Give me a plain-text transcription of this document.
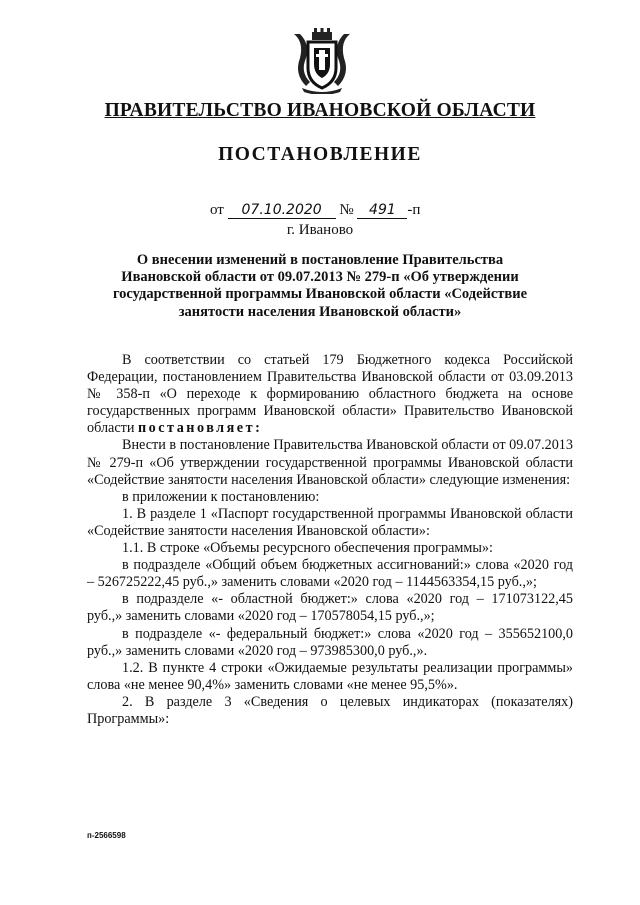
ПРАВИТЕЛЬСТВО ИВАНОВСКОЙ ОБЛАСТИ
ПОСТАНОВЛЕНИЕ
от 07.10.2020 № 491 -п
г. Иваново
О внесении изменений в постановление Правительства Ивановской области от 09.07.2013 № 279-п «Об утверждении государственной программы Ивановской области «Содействие занятости населения Ивановской области»

В соответствии со статьей 179 Бюджетного кодекса Российской Федерации, постановлением Правительства Ивановской области от 03.09.2013 № 358-п «О переходе к формированию областного бюджета на основе государственных программ Ивановской области» Правительство Ивановской области постановляет:

Внести в постановление Правительства Ивановской области от 09.07.2013 № 279-п «Об утверждении государственной программы Ивановской области «Содействие занятости населения Ивановской области» следующие изменения:

в приложении к постановлению:

1. В разделе 1 «Паспорт государственной программы Ивановской области «Содействие занятости населения Ивановской области»:

1.1. В строке «Объемы ресурсного обеспечения программы»:

в подразделе «Общий объем бюджетных ассигнований:» слова «2020 год – 526725222,45 руб.,» заменить словами «2020 год – 1144563354,15 руб.,»;

в подразделе «- областной бюджет:» слова «2020 год – 171073122,45 руб.,» заменить словами «2020 год – 170578054,15 руб.,»;

в подразделе «- федеральный бюджет:» слова «2020 год – 355652100,0 руб.,» заменить словами «2020 год – 973985300,0 руб.,».

1.2. В пункте 4 строки «Ожидаемые результаты реализации программы» слова «не менее 90,4%» заменить словами «не менее 95,5%».

2. В разделе 3 «Сведения о целевых индикаторах (показателях) Программы»:

п-2566598
